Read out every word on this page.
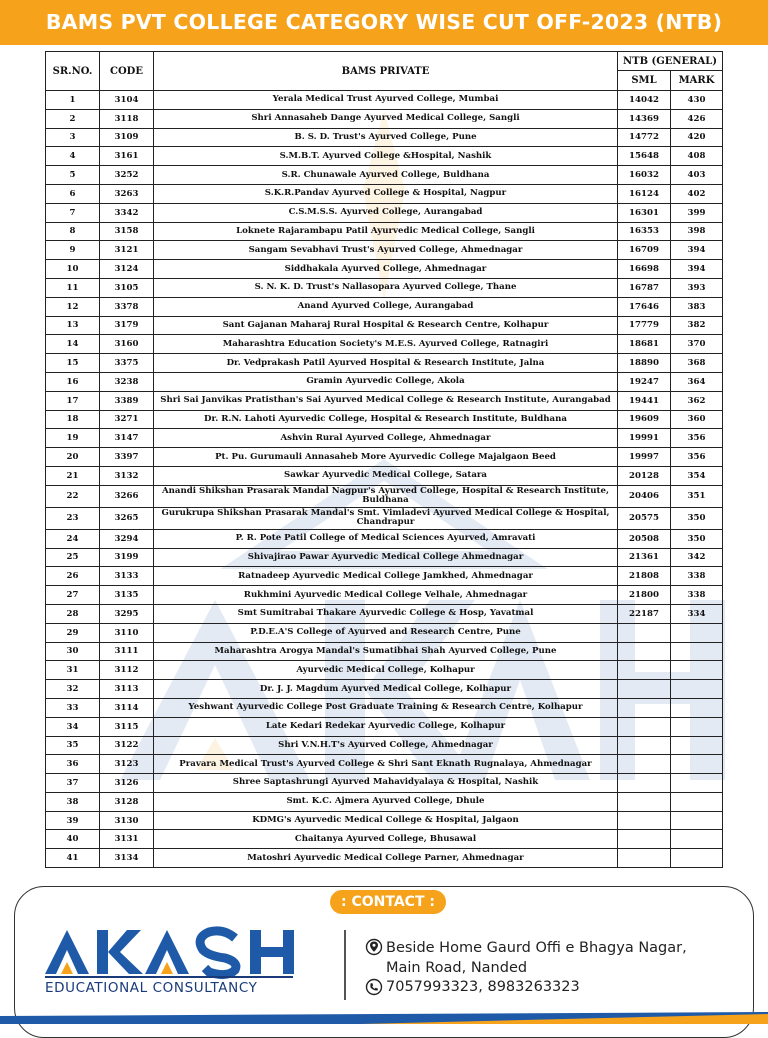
BAMS PVT COLLEGE CATEGORY WISE CUT OFF-2023 (NTB)
SR.NO.	CODE	BAMS PRIVATE	NTB (GENERAL)	
			SML	MARK
1	3104	Yerala Medical Trust Ayurved College, Mumbai	14042	430
2	3118	Shri Annasaheb Dange Ayurved Medical College, Sangli	14369	426
3	3109	B. S. D. Trust's Ayurved College, Pune	14772	420
4	3161	S.M.B.T. Ayurved College &Hospital, Nashik	15648	408
5	3252	S.R. Chunawale Ayurved College, Buldhana	16032	403
6	3263	S.K.R.Pandav Ayurved College & Hospital, Nagpur	16124	402
7	3342	C.S.M.S.S. Ayurved College, Aurangabad	16301	399
8	3158	Loknete Rajarambapu Patil Ayurvedic Medical College, Sangli	16353	398
9	3121	Sangam Sevabhavi Trust's Ayurved College, Ahmednagar	16709	394
10	3124	Siddhakala Ayurved College, Ahmednagar	16698	394
11	3105	S. N. K. D. Trust's Nallasopara Ayurved College, Thane	16787	393
12	3378	Anand Ayurved College, Aurangabad	17646	383
13	3179	Sant Gajanan Maharaj Rural Hospital & Research Centre, Kolhapur	17779	382
14	3160	Maharashtra Education Society's M.E.S. Ayurved College, Ratnagiri	18681	370
15	3375	Dr. Vedprakash Patil Ayurved Hospital & Research Institute, Jalna	18890	368
16	3238	Gramin Ayurvedic College, Akola	19247	364
17	3389	Shri Sai Janvikas Pratisthan's Sai Ayurved Medical College & Research Institute, Aurangabad	19441	362
18	3271	Dr. R.N. Lahoti Ayurvedic College, Hospital & Research Institute, Buldhana	19609	360
19	3147	Ashvin Rural Ayurved College, Ahmednagar	19991	356
20	3397	Pt. Pu. Gurumauli Annasaheb More Ayurvedic College Majalgaon Beed	19997	356
21	3132	Sawkar Ayurvedic Medical College, Satara	20128	354
22	3266	Anandi Shikshan Prasarak Mandal Nagpur's Ayurved College, Hospital & Research Institute, Buldhana	20406	351
23	3265	Gurukrupa Shikshan Prasarak Mandal's Smt. Vimladevi Ayurved Medical College & Hospital, Chandrapur	20575	350
24	3294	P. R. Pote Patil College of Medical Sciences Ayurved, Amravati	20508	350
25	3199	Shivajirao Pawar Ayurvedic Medical College Ahmednagar	21361	342
26	3133	Ratnadeep Ayurvedic Medical College Jamkhed, Ahmednagar	21808	338
27	3135	Rukhmini Ayurvedic Medical College Velhale, Ahmednagar	21800	338
28	3295	Smt Sumitrabai Thakare Ayurvedic College & Hosp, Yavatmal	22187	334
29	3110	P.D.E.A'S College of Ayurved and Research Centre, Pune		
30	3111	Maharashtra Arogya Mandal's Sumatibhai Shah Ayurved College, Pune		
31	3112	Ayurvedic Medical College, Kolhapur		
32	3113	Dr. J. J. Magdum Ayurved Medical College, Kolhapur		
33	3114	Yeshwant Ayurvedic College Post Graduate Training & Research Centre, Kolhapur		
34	3115	Late Kedari Redekar Ayurvedic College, Kolhapur		
35	3122	Shri V.N.H.T's Ayurved College, Ahmednagar		
36	3123	Pravara Medical Trust's Ayurved College & Shri Sant Eknath Rugnalaya, Ahmednagar		
37	3126	Shree Saptashrungi Ayurved Mahavidyalaya & Hospital, Nashik		
38	3128	Smt. K.C. Ajmera Ayurved College, Dhule		
39	3130	KDMG's Ayurvedic Medical College & Hospital, Jalgaon		
40	3131	Chaitanya Ayurved College, Bhusawal		
41	3134	Matoshri Ayurvedic Medical College Parner, Ahmednagar		
: CONTACT :
EDUCATIONAL CONSULTANCY
Beside Home Gaurd Offi e Bhagya Nagar,
Main Road, Nanded
7057993323, 8983263323
